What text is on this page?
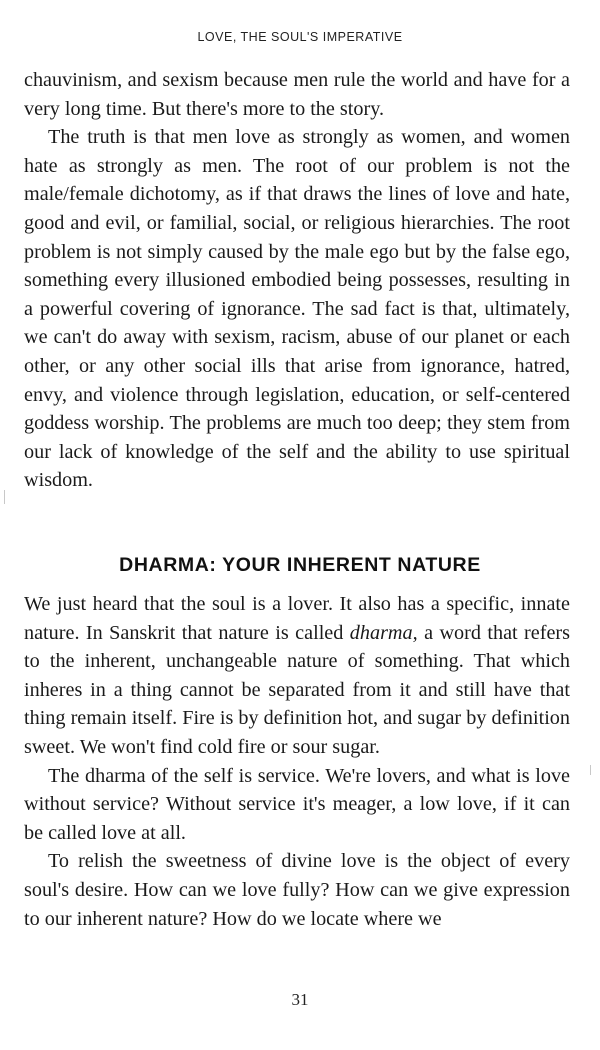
LOVE, THE SOUL'S IMPERATIVE

chauvinism, and sexism because men rule the world and have for a very long time. But there's more to the story.

The truth is that men love as strongly as women, and women hate as strongly as men. The root of our problem is not the male/female dichotomy, as if that draws the lines of love and hate, good and evil, or familial, social, or religious hierarchies. The root problem is not simply caused by the male ego but by the false ego, something every illusioned embodied being possesses, resulting in a powerful covering of ignorance. The sad fact is that, ultimately, we can't do away with sexism, racism, abuse of our planet or each other, or any other social ills that arise from ignorance, hatred, envy, and violence through legislation, education, or self-centered goddess worship. The problems are much too deep; they stem from our lack of knowledge of the self and the ability to use spiritual wisdom.

DHARMA: YOUR INHERENT NATURE

We just heard that the soul is a lover. It also has a specific, innate nature. In Sanskrit that nature is called dharma, a word that refers to the inherent, unchangeable nature of something. That which inheres in a thing cannot be separated from it and still have that thing remain itself. Fire is by definition hot, and sugar by definition sweet. We won't find cold fire or sour sugar.

The dharma of the self is service. We're lovers, and what is love without service? Without service it's meager, a low love, if it can be called love at all.

To relish the sweetness of divine love is the object of every soul's desire. How can we love fully? How can we give expression to our inherent nature? How do we locate where we

31
